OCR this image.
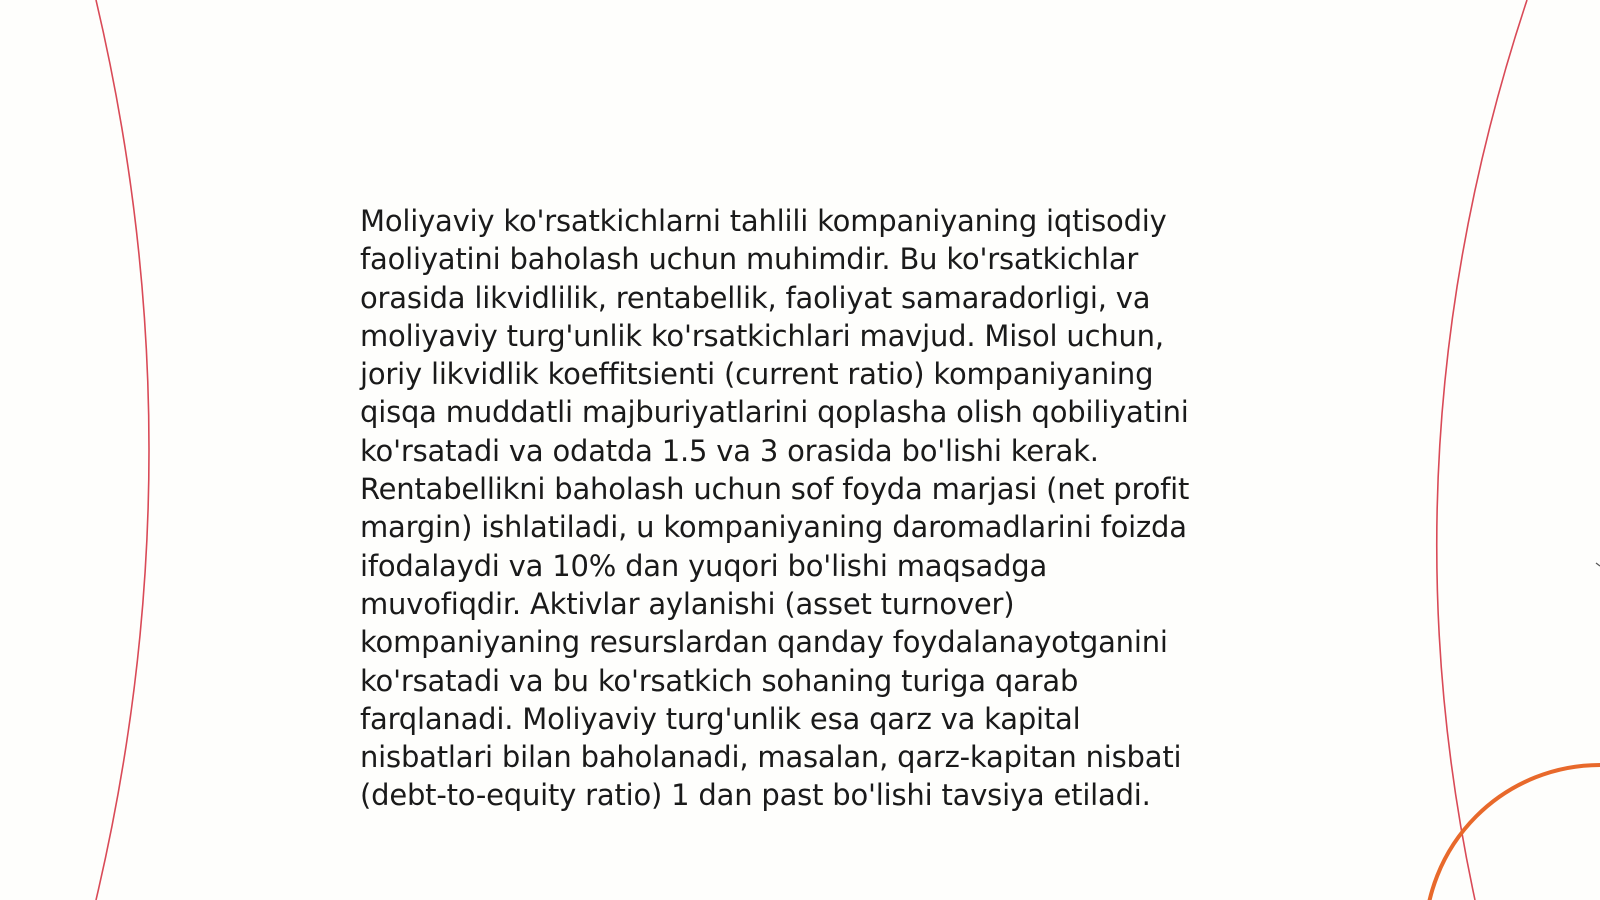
Moliyaviy ko'rsatkichlarni tahlili kompaniyaning iqtisodiy
faoliyatini baholash uchun muhimdir. Bu ko'rsatkichlar
orasida likvidlilik, rentabellik, faoliyat samaradorligi, va
moliyaviy turg'unlik ko'rsatkichlari mavjud. Misol uchun,
joriy likvidlik koeffitsienti (current ratio) kompaniyaning
qisqa muddatli majburiyatlarini qoplasha olish qobiliyatini
ko'rsatadi va odatda 1.5 va 3 orasida bo'lishi kerak.
Rentabellikni baholash uchun sof foyda marjasi (net profit
margin) ishlatiladi, u kompaniyaning daromadlarini foizda
ifodalaydi va 10% dan yuqori bo'lishi maqsadga
muvofiqdir. Aktivlar aylanishi (asset turnover)
kompaniyaning resurslardan qanday foydalanayotganini
ko'rsatadi va bu ko'rsatkich sohaning turiga qarab
farqlanadi. Moliyaviy turg'unlik esa qarz va kapital
nisbatlari bilan baholanadi, masalan, qarz-kapitan nisbati
(debt-to-equity ratio) 1 dan past bo'lishi tavsiya etiladi.
